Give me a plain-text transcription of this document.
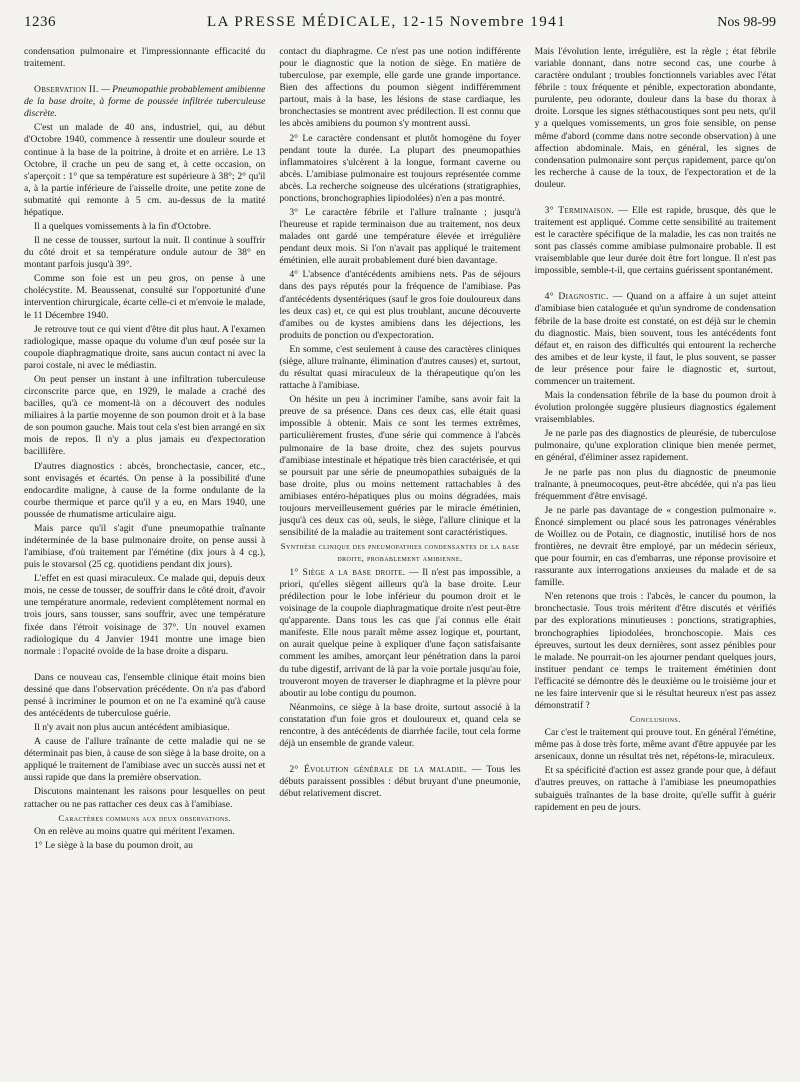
1236	LA PRESSE MÉDICALE, 12-15 Novembre 1941	Nos 98-99

condensation pulmonaire et l'impressionnante efficacité du traitement.

Observation II. — Pneumopathie probablement amibienne de la base droite, à forme de poussée infiltrée tuberculeuse discrète.

C'est un malade de 40 ans, industriel, qui, au début d'Octobre 1940, commence à ressentir une douleur sourde et continue à la base de la poitrine, à droite et en arrière. Le 13 Octobre, il crache un peu de sang et, à cette occasion, on s'aperçoit : 1° que sa température est supérieure à 38°; 2° qu'il a, à la partie inférieure de l'aisselle droite, une petite zone de submatité qui remonte à 5 cm. au-dessus de la matité hépatique.

Il a quelques vomissements à la fin d'Octobre.

Il ne cesse de tousser, surtout la nuit. Il continue à souffrir du côté droit et sa température ondule autour de 38° en montant parfois jusqu'à 39°.

Comme son foie est un peu gros, on pense à une cholécystite. M. Beaussenat, consulté sur l'opportunité d'une intervention chirurgicale, écarte celle-ci et m'envoie le malade, le 11 Décembre 1940.

Je retrouve tout ce qui vient d'être dit plus haut. A l'examen radiologique, masse opaque du volume d'un œuf posée sur la coupole diaphragmatique droite, sans aucun contact ni avec la paroi costale, ni avec le médiastin.

On peut penser un instant à une infiltration tuberculeuse circonscrite parce que, en 1929, le malade a craché des bacilles, qu'à ce moment-là on a découvert des nodules miliaires à la partie moyenne de son poumon droit et à la base de son poumon gauche. Mais tout cela s'est bien arrangé en six mois de repos. Il n'y a plus jamais eu d'expectoration bacillifère.

D'autres diagnostics : abcès, bronchectasie, cancer, etc., sont envisagés et écartés. On pense à la possibilité d'une endocardite maligne, à cause de la forme ondulante de la courbe thermique et parce qu'il y a eu, en Mars 1940, une poussée de rhumatisme articulaire aigu.

Mais parce qu'il s'agit d'une pneumopathie traînante indéterminée de la base pulmonaire droite, on pense aussi à l'amibiase, d'où traitement par l'émétine (dix jours à 4 cg.), puis le stovarsol (25 cg. quotidiens pendant dix jours).

L'effet en est quasi miraculeux. Ce malade qui, depuis deux mois, ne cesse de tousser, de souffrir dans le côté droit, d'avoir une température anormale, redevient complètement normal en trois jours, sans tousser, sans souffrir, avec une température fixée dans l'étroit voisinage de 37°. Un nouvel examen radiologique du 4 Janvier 1941 montre une image bien normale : l'opacité ovoïde de la base droite a disparu.

Dans ce nouveau cas, l'ensemble clinique était moins bien dessiné que dans l'observation précédente. On n'a pas d'abord pensé à incriminer le poumon et on ne l'a examiné qu'à cause des antécédents de tuberculose guérie.

Il n'y avait non plus aucun antécédent amibiasique.

A cause de l'allure traînante de cette maladie qui ne se déterminait pas bien, à cause de son siège à la base droite, on a appliqué le traitement de l'amibiase avec un succès aussi net et aussi rapide que dans la première observation.

Discutons maintenant les raisons pour lesquelles on peut rattacher ou ne pas rattacher ces deux cas à l'amibiase.

Caractères communs aux deux observations.

On en relève au moins quatre qui méritent l'examen.

1° Le siège à la base du poumon droit, au

contact du diaphragme. Ce n'est pas une notion indifférente pour le diagnostic que la notion de siège. En matière de tuberculose, par exemple, elle garde une grande importance. Bien des affections du poumon siègent indifféremment partout, mais à la base, les lésions de stase cardiaque, les bronchectasies se montrent avec prédilection. Il est connu que les abcès amibiens du poumon s'y montrent aussi.

2° Le caractère condensant et plutôt homogène du foyer pendant toute la durée. La plupart des pneumopathies inflammatoires s'ulcèrent à la longue, formant caverne ou abcès. L'amibiase pulmonaire est toujours représentée comme abcès. La recherche soigneuse des ulcérations (stratigraphies, ponctions, bronchographies lipiodolées) n'en a pas montré.

3° Le caractère fébrile et l'allure traînante ; jusqu'à l'heureuse et rapide terminaison due au traitement, nos deux malades ont gardé une température élevée et irrégulière pendant deux mois. Si l'on n'avait pas appliqué le traitement émétinien, elle aurait probablement duré bien davantage.

4° L'absence d'antécédents amibiens nets. Pas de séjours dans des pays réputés pour la fréquence de l'amibiase. Pas d'antécédents dysentériques (sauf le gros foie douloureux dans les deux cas) et, ce qui est plus troublant, aucune découverte d'amibes ou de kystes amibiens dans les déjections, les produits de ponction ou d'expectoration.

En somme, c'est seulement à cause des caractères cliniques (siège, allure traînante, élimination d'autres causes) et, surtout, du résultat quasi miraculeux de la thérapeutique qu'on les rattache à l'amibiase.

On hésite un peu à incriminer l'amibe, sans avoir fait la preuve de sa présence. Dans ces deux cas, elle était quasi impossible à obtenir. Mais ce sont les termes extrêmes, particulièrement frustes, d'une série qui commence à l'abcès pulmonaire de la base droite, chez des sujets pourvus d'amibiase intestinale et hépatique très bien caractérisée, et qui se poursuit par une série de pneumopathies subaiguës de la base droite, plus ou moins nettement rattachables à des amibiases entéro-hépatiques plus ou moins dégradées, mais toujours merveilleusement guéries par le miracle émétinien, jusqu'à ces deux cas où, seuls, le siège, l'allure clinique et la sensibilité de la maladie au traitement sont caractéristiques.

Synthèse clinique des pneumopathies condensantes de la base droite, probablement amibienne.

1° Siège a la base droite. — Il n'est pas impossible, a priori, qu'elles siègent ailleurs qu'à la base droite. Leur prédilection pour le lobe inférieur du poumon droit et le voisinage de la coupole diaphragmatique droite n'est peut-être qu'apparente. Dans tous les cas que j'ai connus elle était manifeste. Elle nous paraît même assez logique et, pourtant, on aurait quelque peine à expliquer d'une façon satisfaisante comment les amibes, amorçant leur pénétration dans la paroi du tube digestif, arrivant de là par la voie portale jusqu'au foie, trouveront moyen de traverser le diaphragme et la plèvre pour aboutir au lobe contigu du poumon.

Néanmoins, ce siège à la base droite, surtout associé à la constatation d'un foie gros et douloureux et, quand cela se rencontre, à des antécédents de diarrhée facile, tout cela forme déjà un ensemble de grande valeur.

2° Évolution générale de la maladie. — Tous les débuts paraissent possibles : début bruyant d'une pneumonie, début relativement discret.

Mais l'évolution lente, irrégulière, est la règle ; état fébrile variable donnant, dans notre second cas, une courbe à caractère ondulant ; troubles fonctionnels variables avec l'état fébrile : toux fréquente et pénible, expectoration abondante, purulente, peu odorante, douleur dans la base du thorax à droite. Lorsque les signes stéthacoustiques sont peu nets, qu'il y a quelques vomissements, un gros foie sensible, on pense même d'abord (comme dans notre seconde observation) à une affection abdominale. Mais, en général, les signes de condensation pulmonaire sont perçus rapidement, parce qu'on les recherche à cause de la toux, de l'expectoration et de la douleur.

3° Terminaison. — Elle est rapide, brusque, dès que le traitement est appliqué. Comme cette sensibilité au traitement est le caractère spécifique de la maladie, les cas non traités ne sont pas classés comme amibiase pulmonaire probable. Il est vraisemblable que leur durée doit être fort longue. Il n'est pas impossible, semble-t-il, que certains guérissent spontanément.

4° Diagnostic. — Quand on a affaire à un sujet atteint d'amibiase bien cataloguée et qu'un syndrome de condensation fébrile de la base droite est constaté, on est déjà sur le chemin du diagnostic. Mais, bien souvent, tous les antécédents font défaut et, en raison des difficultés qui entourent la recherche des amibes et de leur kyste, il faut, le plus souvent, se passer de leur présence pour faire le diagnostic et, surtout, commencer un traitement.

Mais la condensation fébrile de la base du poumon droit à évolution prolongée suggère plusieurs diagnostics également vraisemblables.

Je ne parle pas des diagnostics de pleurésie, de tuberculose pulmonaire, qu'une exploration clinique bien menée permet, en général, d'éliminer assez rapidement.

Je ne parle pas non plus du diagnostic de pneumonie traînante, à pneumocoques, peut-être abcédée, qui n'a pas lieu fréquemment d'être envisagé.

Je ne parle pas davantage de « congestion pulmonaire ». Énoncé simplement ou placé sous les patronages vénérables de Woillez ou de Potain, ce diagnostic, inutilisé hors de nos frontières, ne devrait être employé, par un médecin sérieux, que pour fournir, en cas d'embarras, une réponse provisoire et rassurante aux interrogations anxieuses du malade et de sa famille.

N'en retenons que trois : l'abcès, le cancer du poumon, la bronchectasie. Tous trois méritent d'être discutés et vérifiés par des explorations minutieuses : ponctions, stratigraphies, bronchographies lipiodolées, bronchoscopie. Mais ces épreuves, surtout les deux dernières, sont assez pénibles pour le malade. Ne pourrait-on les ajourner pendant quelques jours, instituer pendant ce temps le traitement émétinien dont l'efficacité se démontre dès le deuxième ou le troisième jour et ne les faire intervenir que si le résultat heureux n'est pas assez démonstratif ?

Conclusions.

Car c'est le traitement qui prouve tout. En général l'émétine, même pas à dose très forte, même avant d'être appuyée par les arsenicaux, donne un résultat très net, répétons-le, miraculeux.

Et sa spécificité d'action est assez grande pour que, à défaut d'autres preuves, on rattache à l'amibiase les pneumopathies subaiguës traînantes de la base droite, qu'elle suffit à guérir rapidement en peu de jours.
